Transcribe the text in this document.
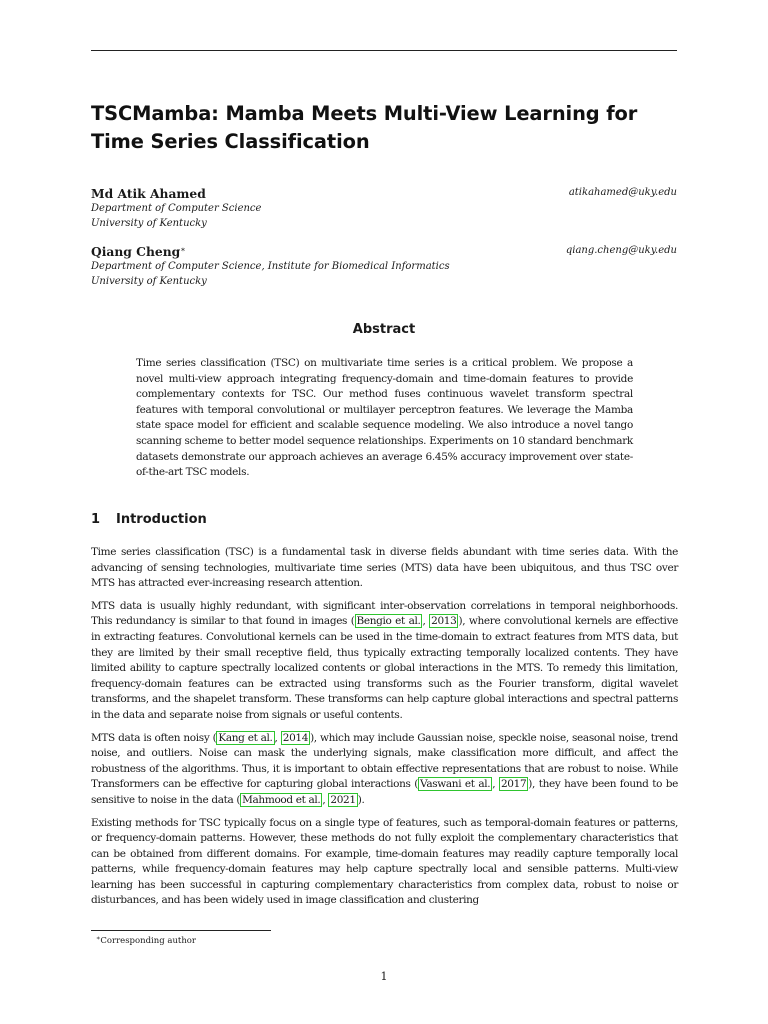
TSCMamba: Mamba Meets Multi-View Learning for Time Series Classification
Md Atik Ahamed	atikahamed@uky.edu
Department of Computer Science
University of Kentucky
Qiang Cheng∗	qiang.cheng@uky.edu
Department of Computer Science, Institute for Biomedical Informatics
University of Kentucky
Abstract
Time series classification (TSC) on multivariate time series is a critical problem. We propose a novel multi-view approach integrating frequency-domain and time-domain features to provide complementary contexts for TSC. Our method fuses continuous wavelet transform spectral features with temporal convolutional or multilayer perceptron features. We leverage the Mamba state space model for efficient and scalable sequence modeling. We also introduce a novel tango scanning scheme to better model sequence relationships. Experiments on 10 standard benchmark datasets demonstrate our approach achieves an average 6.45% accuracy improvement over state-of-the-art TSC models.
1 Introduction

Time series classification (TSC) is a fundamental task in diverse fields abundant with time series data. With the advancing of sensing technologies, multivariate time series (MTS) data have been ubiquitous, and thus TSC over MTS has attracted ever-increasing research attention.

MTS data is usually highly redundant, with significant inter-observation correlations in temporal neighborhoods. This redundancy is similar to that found in images ( Bengio et al. , 2013 ), where convolutional kernels are effective in extracting features. Convolutional kernels can be used in the time-domain to extract features from MTS data, but they are limited by their small receptive field, thus typically extracting temporally localized contents. They have limited ability to capture spectrally localized contents or global interactions in the MTS. To remedy this limitation, frequency-domain features can be extracted using transforms such as the Fourier transform, digital wavelet transforms, and the shapelet transform. These transforms can help capture global interactions and spectral patterns in the data and separate noise from signals or useful contents.

MTS data is often noisy ( Kang et al. , 2014 ), which may include Gaussian noise, speckle noise, seasonal noise, trend noise, and outliers. Noise can mask the underlying signals, make classification more difficult, and affect the robustness of the algorithms. Thus, it is important to obtain effective representations that are robust to noise. While Transformers can be effective for capturing global interactions ( Vaswani et al. , 2017 ), they have been found to be sensitive to noise in the data ( Mahmood et al. , 2021 ).

Existing methods for TSC typically focus on a single type of features, such as temporal-domain features or patterns, or frequency-domain patterns. However, these methods do not fully exploit the complementary characteristics that can be obtained from different domains. For example, time-domain features may readily capture temporally local patterns, while frequency-domain features may help capture spectrally local and sensible patterns. Multi-view learning has been successful in capturing complementary characteristics from complex data, robust to noise or disturbances, and has been widely used in image classification and clustering

∗Corresponding author
1
